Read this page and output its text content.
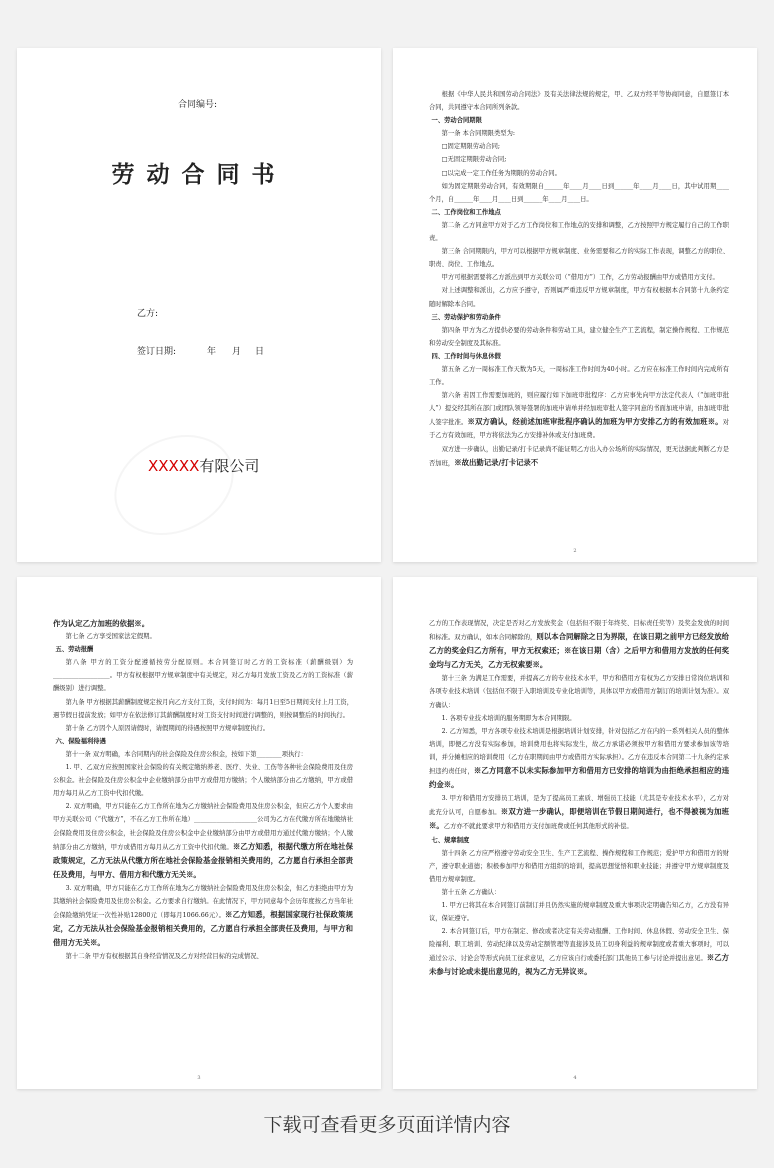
合同编号:
劳动合同书
乙方:
签订日期:	年 月 日
XXXXX有限公司

根据《中华人民共和国劳动合同法》及有关法律法规的规定，甲、乙双方经平等协商同意，自愿签订本合同，共同遵守本合同所列条款。

一、劳动合同期限

第一条 本合同期限类型为:

□固定期限劳动合同;

□无固定期限劳动合同;

□以完成一定工作任务为期限的劳动合同。

如为固定期限劳动合同，有效期限自______年____月____日到______年____月____日，其中试用期____个月，自______年____月____日到______年____月____日。

二、工作岗位和工作地点

第二条 乙方同意甲方对于乙方工作岗位和工作地点的安排和调整，乙方按照甲方规定履行自己的工作职责。

第三条 合同期限内，甲方可以根据甲方规章制度、业务需要和乙方的实际工作表现，调整乙方的职位、职责、岗位、工作地点。

甲方可根据需要将乙方派出到甲方关联公司（“借用方”）工作，乙方劳动报酬由甲方或借用方支付。

对上述调整和派出，乙方应予遵守，否则属严重违反甲方规章制度，甲方有权根据本合同第十九条约定随时解除本合同。

三、劳动保护和劳动条件

第四条 甲方为乙方提供必要的劳动条件和劳动工具，建立健全生产工艺流程，制定操作规程、工作规范和劳动安全制度及其标准。

四、工作时间与休息休假

第五条 乙方一周标准工作天数为5天，一周标准工作时间为40小时。乙方应在标准工作时间内完成所有工作。

第六条 若因工作需要加班的，则应履行如下加班审批程序：乙方应事先向甲方法定代表人（“加班审批人”）提交经其所在部门或团队领导签署的加班申请单并经加班审批人签字同意的书面加班申请，由加班审批人签字批准。※双方确认，经前述加班审批程序确认的加班为甲方安排乙方的有效加班※。对于乙方有效加班，甲方将依法为乙方安排补休或支付加班费。

双方进一步确认，出勤记录/打卡记录尚不能证明乙方出入办公场所的实际情况，更无法据此判断乙方是否加班，※故出勤记录/打卡记录不

2

作为认定乙方加班的依据※。

第七条 乙方享受国家法定假期。

五、劳动报酬

第八条 甲方的工资分配遵循按劳分配原则。本合同签订时乙方的工资标准（薪酬级别）为__________________。甲方有权根据甲方规章制度中有关规定，对乙方每月发放工资及乙方的工资标准（薪酬级别）进行调整。

第九条 甲方根据其薪酬制度规定按月向乙方支付工资，支付时间为：每月1日至5日期间支付上月工资，遇节假日提前发放；如甲方在依法修订其薪酬制度时对工资支付时间进行调整的，则按调整后的时间执行。

第十条 乙方因个人原因请假时，请假期间的待遇按照甲方规章制度执行。

六、保险福利待遇

第十一条 双方明确，本合同期内的社会保险及住房公积金，按如下第________项执行：

1. 甲、乙双方应按照国家社会保险的有关规定缴纳养老、医疗、失业、工伤等各种社会保险费用及住房公积金。社会保险及住房公积金中企业缴纳部分由甲方或借用方缴纳；个人缴纳部分由乙方缴纳，甲方或借用方每月从乙方工资中代扣代缴。

2. 双方明确，甲方只能在乙方工作所在地为乙方缴纳社会保险费用及住房公积金，但应乙方个人要求由甲方关联公司（“代缴方”，不在乙方工作所在地）____________________公司为乙方在代缴方所在地缴纳社会保险费用及住房公积金，社会保险及住房公积金中企业缴纳部分由甲方或借用方通过代缴方缴纳；个人缴纳部分由乙方缴纳，甲方或借用方每月从乙方工资中代扣代缴。※乙方知悉，根据代缴方所在地社保政策规定，乙方无法从代缴方所在地社会保险基金报销相关费用的，乙方愿自行承担全部责任及费用，与甲方、借用方和代缴方无关※。

3. 双方明确，甲方只能在乙方工作所在地为乙方缴纳社会保险费用及住房公积金，但乙方拒绝由甲方为其缴纳社会保险费用及住房公积金。乙方要求自行缴纳。在此情况下，甲方同意每个会历年度按乙方当年社会保险缴纳凭证一次性补贴12800元（即每月1066.66元）。※乙方知悉，根据国家现行社保政策规定，乙方无法从社会保险基金报销相关费用的，乙方愿自行承担全部责任及费用，与甲方和借用方无关※。

第十二条 甲方有权根据其自身经营情况及乙方对经营目标的完成情况、

3

乙方的工作表现情况，决定是否对乙方发放奖金（包括但不限于年终奖、目标责任奖等）及奖金发放的时间和标准。双方确认，如本合同解除的，则以本合同解除之日为界限，在该日期之前甲方已经发放给乙方的奖金归乙方所有，甲方无权索还；※在该日期（含）之后甲方和借用方发放的任何奖金均与乙方无关，乙方无权索要※。

第十三条 为满足工作需要，并提高乙方的专业技术水平，甲方和借用方有权为乙方安排日常岗位培训和各项专业技术培训（包括但不限于入职培训及专业化培训等，具体以甲方或借用方制订的培训计划为准）。双方确认：

1. 各项专业技术培训的服务期即为本合同期限。

2. 乙方知悉，甲方各项专业技术培训是根据培训计划安排，针对包括乙方在内的一系列相关人员的整体培训，即便乙方没有实际参加，培训费用也将实际发生，故乙方承诺必须按甲方和借用方要求参加该等培训，并分摊相应的培训费用（乙方在职期间由甲方或借用方实际承担）。乙方在违反本合同第二十九条约定承担违约责任时，※乙方同意不以未实际参加甲方和借用方已安排的培训为由拒绝承担相应的违约金※。

3. 甲方和借用方安排员工培训，是为了提高员工素质、增强员工技能（尤其是专业技术水平），乙方对此充分认可，自愿参加。※双方进一步确认，即便培训在节假日期间进行，也不得被视为加班※。乙方亦不就此要求甲方和借用方支付加班费或任何其他形式的补偿。

七、规章制度

第十四条 乙方应严格遵守劳动安全卫生、生产工艺流程、操作规程和工作规范；爱护甲方和借用方的财产，遵守职业道德；积极参加甲方和借用方组织的培训，提高思想觉悟和职业技能；并遵守甲方规章制度及借用方规章制度。

第十五条 乙方确认：

1. 甲方已将其在本合同签订前制订并且仍然实施的规章制度及重大事项决定明确告知乙方，乙方没有异议，保证遵守。

2. 本合同签订后，甲方在制定、修改或者决定有关劳动报酬、工作时间、休息休假、劳动安全卫生、保险福利、职工培训、劳动纪律以及劳动定额管理等直接涉及员工切身利益的规章制度或者重大事项时，可以通过公示、讨论会等形式向员工征求意见，乙方应该自行或委托部门其他员工参与讨论并提出意见。※乙方未参与讨论或未提出意见的，视为乙方无异议※。

4
下载可查看更多页面详情内容
